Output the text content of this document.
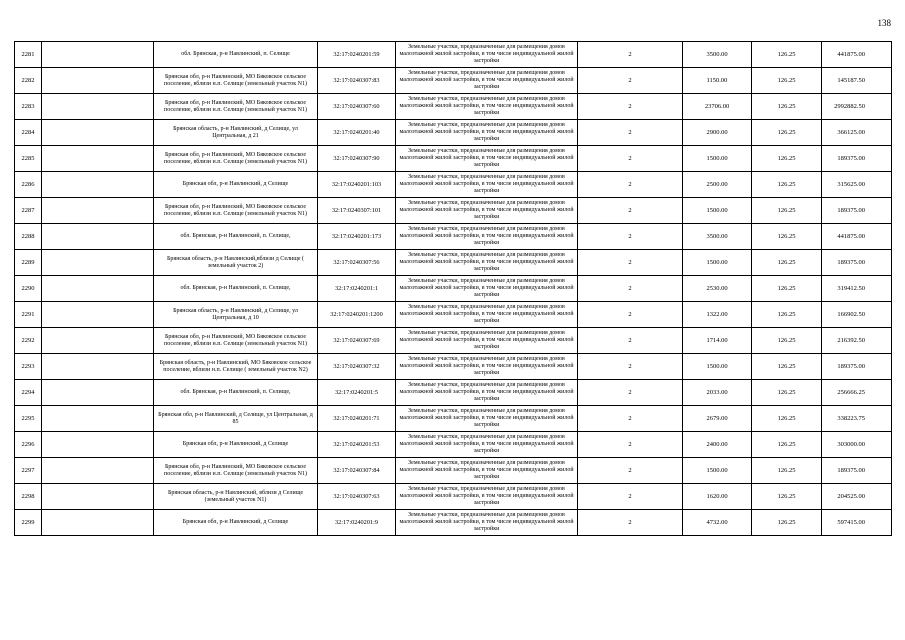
138
2281		обл. Брянская, р-н Навлинский, п. Селище	32:17:0240201:59	Земельные участки, предназначенные для размещения домов малоэтажной жилой застройки, в том числе индивидуальной жилой застройки	2	3500.00	126.25	441875.00
2282		Брянская обл, р-н Навлинский, МО Бяковское сельское поселение, вблизи н.п. Селище (земельный участок N1)	32:17:0240307:83	Земельные участки, предназначенные для размещения домов малоэтажной жилой застройки, в том числе индивидуальной жилой застройки	2	1150.00	126.25	145187.50
2283		Брянская обл, р-н Навлинский, МО Бяковское сельское поселение, вблизи н.п. Селище (земельный участок N1)	32:17:0240307:60	Земельные участки, предназначенные для размещения домов малоэтажной жилой застройки, в том числе индивидуальной жилой застройки	2	23706.00	126.25	2992882.50
2284		Брянская область, р-н Навлинский, д Селище, ул Центральная, д 21	32:17:0240201:40	Земельные участки, предназначенные для размещения домов малоэтажной жилой застройки, в том числе индивидуальной жилой застройки	2	2900.00	126.25	366125.00
2285		Брянская обл, р-н Навлинский, МО Бяковское сельское поселение, вблизи н.п. Селище (земельный участок N1)	32:17:0240307:90	Земельные участки, предназначенные для размещения домов малоэтажной жилой застройки, в том числе индивидуальной жилой застройки	2	1500.00	126.25	189375.00
2286		Брянская обл, р-н Навлинский, д Селище	32:17:0240201:103	Земельные участки, предназначенные для размещения домов малоэтажной жилой застройки, в том числе индивидуальной жилой застройки	2	2500.00	126.25	315625.00
2287		Брянская обл, р-н Навлинский, МО Бяковское сельское поселение, вблизи н.п. Селище (земельный участок N1)	32:17:0240307:101	Земельные участки, предназначенные для размещения домов малоэтажной жилой застройки, в том числе индивидуальной жилой застройки	2	1500.00	126.25	189375.00
2288		обл. Брянская, р-н Навлинский, п. Селище,	32:17:0240201:173	Земельные участки, предназначенные для размещения домов малоэтажной жилой застройки, в том числе индивидуальной жилой застройки	2	3500.00	126.25	441875.00
2289		Брянская область, р-н Навлинский,вблизи д Селище ( земельный участок 2)	32:17:0240307:56	Земельные участки, предназначенные для размещения домов малоэтажной жилой застройки, в том числе индивидуальной жилой застройки	2	1500.00	126.25	189375.00
2290		обл. Брянская, р-н Навлинский, п. Селище,	32:17:0240201:1	Земельные участки, предназначенные для размещения домов малоэтажной жилой застройки, в том числе индивидуальной жилой застройки	2	2530.00	126.25	319412.50
2291		Брянская область, р-н Навлинский, д Селище, ул Центральная, д 10	32:17:0240201:1200	Земельные участки, предназначенные для размещения домов малоэтажной жилой застройки, в том числе индивидуальной жилой застройки	2	1322.00	126.25	166902.50
2292		Брянская обл, р-н Навлинский, МО Бяковское сельское поселение, вблизи н.п. Селище (земельный участок N1)	32:17:0240307:69	Земельные участки, предназначенные для размещения домов малоэтажной жилой застройки, в том числе индивидуальной жилой застройки	2	1714.00	126.25	216392.50
2293		Брянская область, р-н Навлинский, МО Бяковское сельское поселение, вблизи н.п. Селище ( земельный участок N2)	32:17:0240307:32	Земельные участки, предназначенные для размещения домов малоэтажной жилой застройки, в том числе индивидуальной жилой застройки	2	1500.00	126.25	189375.00
2294		обл. Брянская, р-н Навлинский, п. Селище,	32:17:0240201:5	Земельные участки, предназначенные для размещения домов малоэтажной жилой застройки, в том числе индивидуальной жилой застройки	2	2033.00	126.25	256666.25
2295		Брянская обл, р-н Навлинский, д Селище, ул Центральная, д 85	32:17:0240201:71	Земельные участки, предназначенные для размещения домов малоэтажной жилой застройки, в том числе индивидуальной жилой застройки	2	2679.00	126.25	338223.75
2296		Брянская обл, р-н Навлинский, д Селище	32:17:0240201:53	Земельные участки, предназначенные для размещения домов малоэтажной жилой застройки, в том числе индивидуальной жилой застройки	2	2400.00	126.25	303000.00
2297		Брянская обл, р-н Навлинский, МО Бяковское сельское поселение, вблизи н.п. Селище (земельный участок N1)	32:17:0240307:84	Земельные участки, предназначенные для размещения домов малоэтажной жилой застройки, в том числе индивидуальной жилой застройки	2	1500.00	126.25	189375.00
2298		Брянская область, р-н Навлинский, вблизи д Селище (земельный участок N1)	32:17:0240307:63	Земельные участки, предназначенные для размещения домов малоэтажной жилой застройки, в том числе индивидуальной жилой застройки	2	1620.00	126.25	204525.00
2299		Брянская обл, р-н Навлинский, д Селище	32:17:0240201:9	Земельные участки, предназначенные для размещения домов малоэтажной жилой застройки, в том числе индивидуальной жилой застройки	2	4732.00	126.25	597415.00
